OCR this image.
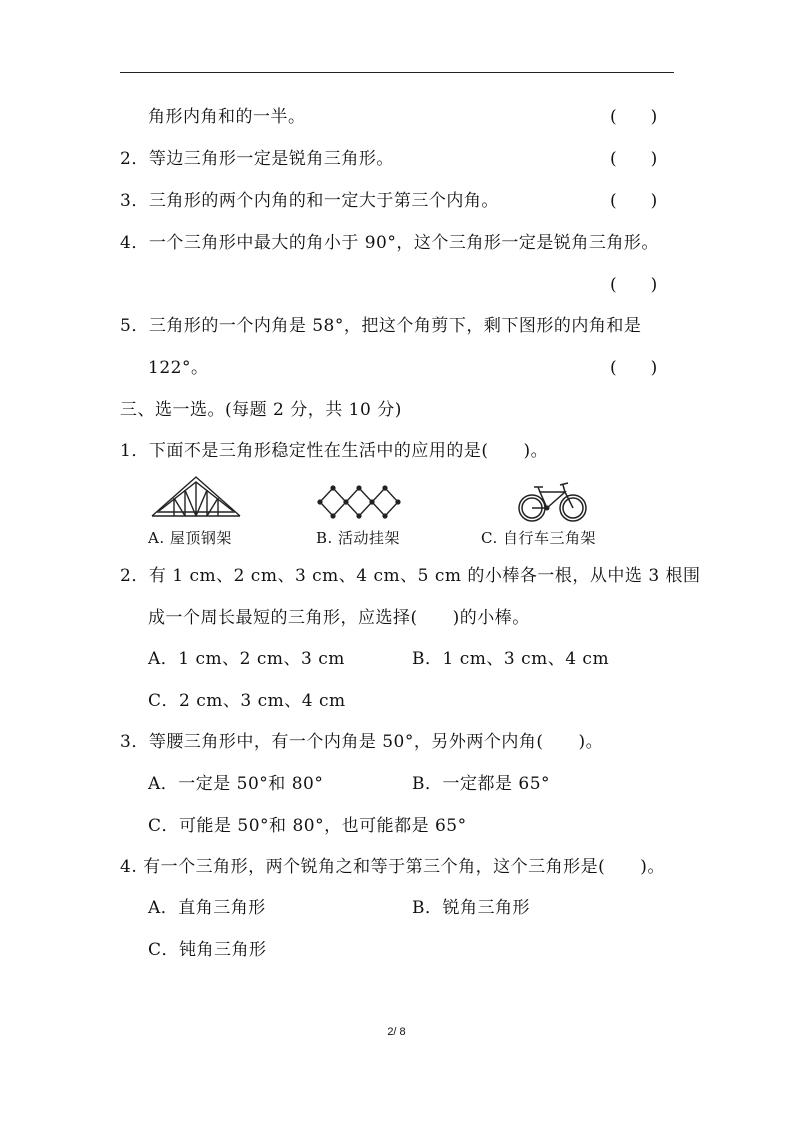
角形内角和的一半。	(　　)
2．等边三角形一定是锐角三角形。	(　　)
3．三角形的两个内角的和一定大于第三个内角。	(　　)
4．一个三角形中最大的角小于 90°，这个三角形一定是锐角三角形。
(　　)
5．三角形的一个内角是 58°，把这个角剪下，剩下图形的内角和是
122°。	(　　)
三、选一选。(每题 2 分，共 10 分)
1．下面不是三角形稳定性在生活中的应用的是(　　)。
A. 屋顶钢架	B. 活动挂架	C. 自行车三角架
2．有 1 cm、2 cm、3 cm、4 cm、5 cm 的小棒各一根，从中选 3 根围
成一个周长最短的三角形，应选择(　　)的小棒。
A．1 cm、2 cm、3 cm	B．1 cm、3 cm、4 cm
C．2 cm、3 cm、4 cm
3．等腰三角形中，有一个内角是 50°，另外两个内角(　　)。
A．一定是 50°和 80°	B．一定都是 65°
C．可能是 50°和 80°，也可能都是 65°
4. 有一个三角形，两个锐角之和等于第三个角，这个三角形是(　　)。
A．直角三角形	B．锐角三角形
C．钝角三角形
2/ 8
